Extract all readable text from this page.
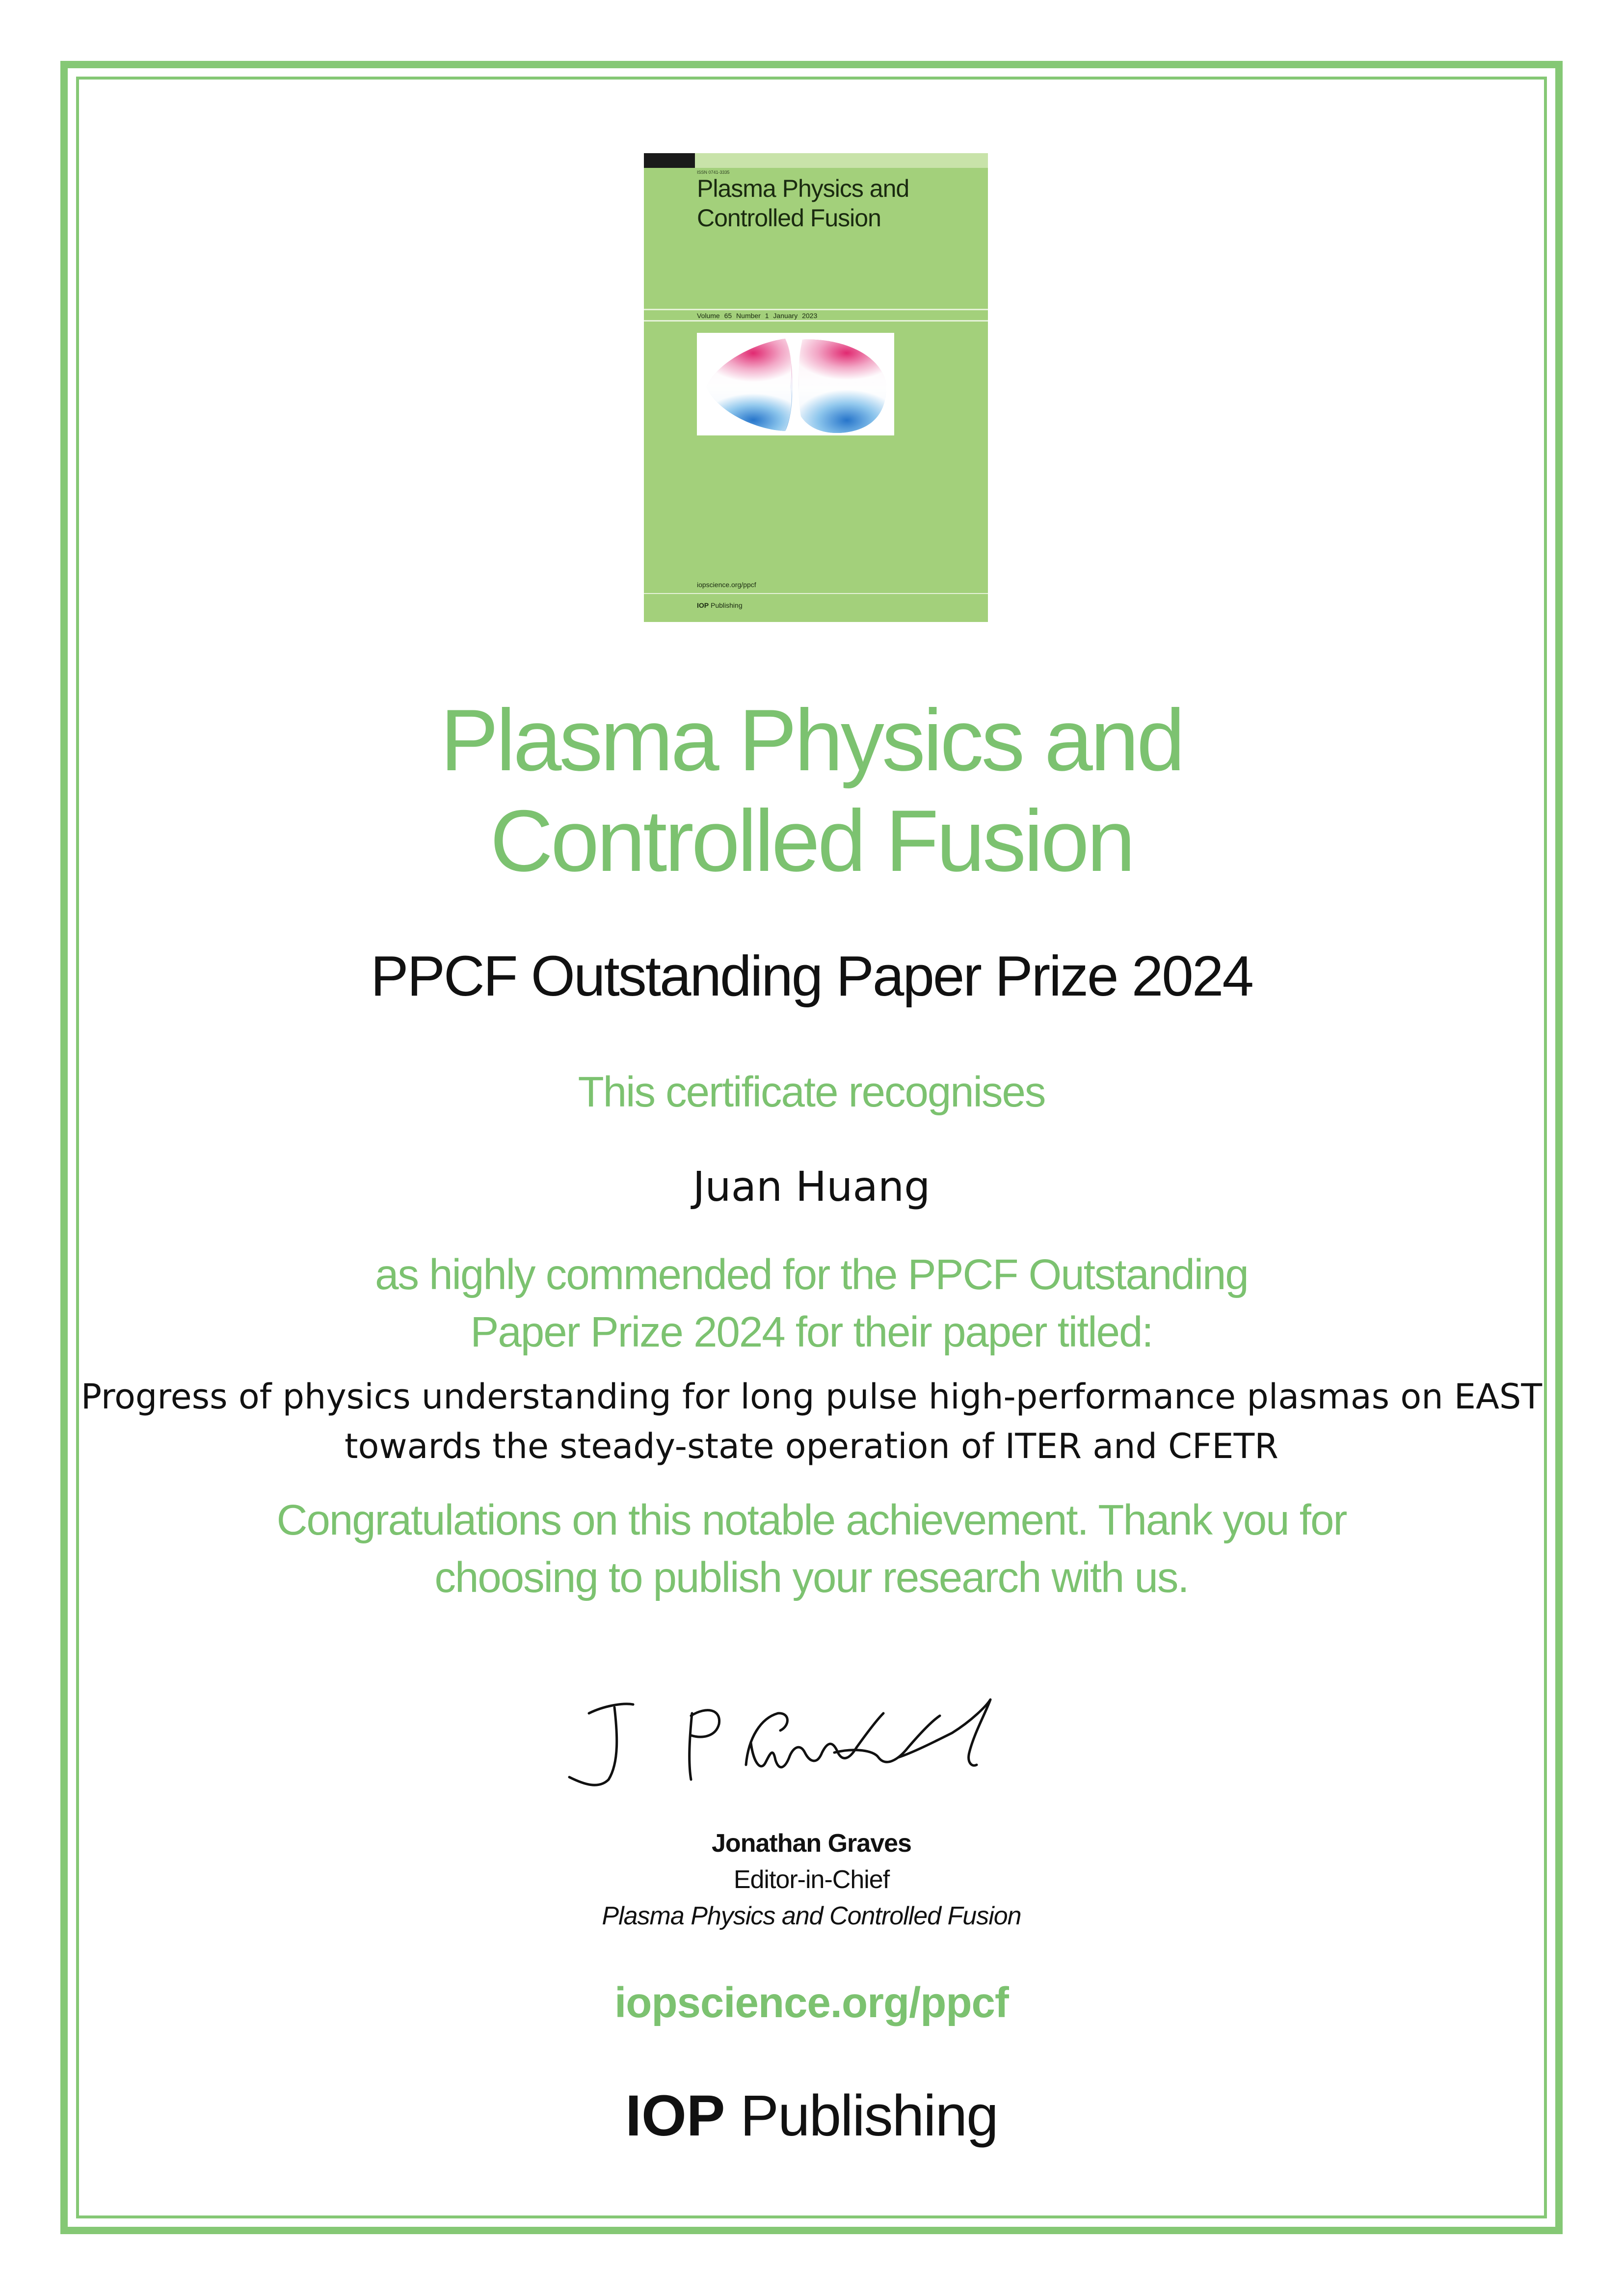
ISSN 0741-3335
Plasma Physics and Controlled Fusion
Volume 65 Number 1 January 2023
iopscience.org/ppcf
IOP Publishing
Plasma Physics and
Controlled Fusion
PPCF Outstanding Paper Prize 2024
This certificate recognises
Juan Huang
as highly commended for the PPCF Outstanding
Paper Prize 2024 for their paper titled:
Progress of physics understanding for long pulse high-performance plasmas on EAST
towards the steady-state operation of ITER and CFETR
Congratulations on this notable achievement. Thank you for
choosing to publish your research with us.
Jonathan Graves
Editor-in-Chief
Plasma Physics and Controlled Fusion
iopscience.org/ppcf
IOP Publishing
